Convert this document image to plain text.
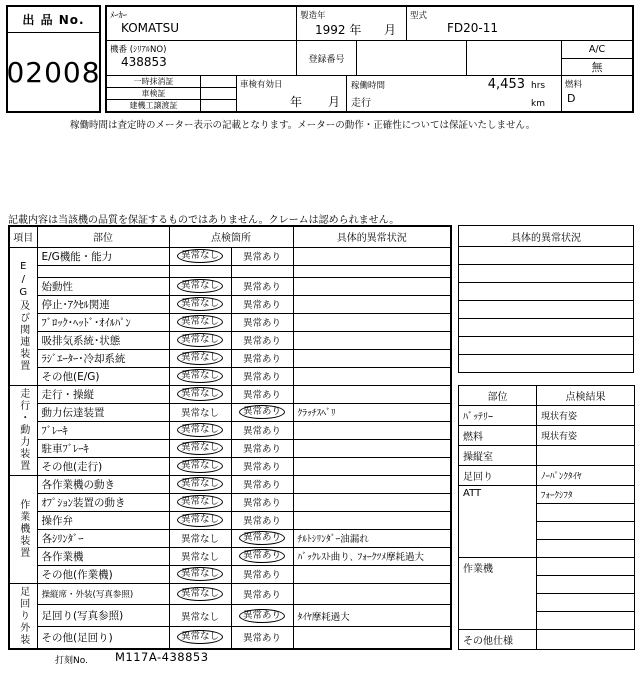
出 品 No.
02008
ﾒｰｶｰ
KOMATSU
製造年
1992 年 月
型式
FD20-11
機番 (ｼﾘｱﾙNO)
438853	登録番号
A/C
無
一時抹消証
車検証
建機工譲渡証
車検有効日
年 月
稼働時間	4,453 hrs
走行	km
燃料
D
稼働時間は査定時のメーター表示の記載となります。メーターの動作・正確性については保証いたしません。
記載内容は当該機の品質を保証するものではありません。クレームは認められません。
項目	部位	点検箇所		具体的異常状況
E/G及び関連装置	E/G機能・能力	異常なし	異常あり	

	始動性	異常なし	異常あり	
	停止･ｱｸｾﾙ関連	異常なし	異常あり	
	ﾌﾞﾛｯｸ･ﾍｯﾄﾞ･ｵｲﾙﾊﾟﾝ	異常なし	異常あり	
	吸排気系統･状態	異常なし	異常あり	
	ﾗｼﾞｴｰﾀｰ･冷却系統	異常なし	異常あり	
	その他(E/G)	異常なし	異常あり	
走行・動力装置	走行・操縦	異常なし	異常あり	
	動力伝達装置	異常なし	異常あり	ｸﾗｯﾁｽﾍﾞﾘ
	ﾌﾞﾚｰｷ	異常なし	異常あり	
	駐車ﾌﾞﾚｰｷ	異常なし	異常あり	
	その他(走行)	異常なし	異常あり	
作業機装置	各作業機の動き	異常なし	異常あり	
	ｵﾌﾟｼｮﾝ装置の動き	異常なし	異常あり	
	操作弁	異常なし	異常あり	
	各ｼﾘﾝﾀﾞｰ	異常なし	異常あり	ﾁﾙﾄｼﾘﾝﾀﾞｰ油漏れ
	各作業機	異常なし	異常あり	ﾊﾞｯｸﾚｽﾄ曲り､ ﾌｫｰｸﾂﾒ摩耗過大
	その他(作業機)	異常なし	異常あり	
足回り外装	操縦席・外装(写真参照)	異常なし	異常あり	
	足回り(写真参照)	異常なし	異常あり	ﾀｲﾔ摩耗過大
	その他(足回り)	異常なし	異常あり	
具体的異常状況

部位	点検結果
ﾊﾞｯﾃﾘｰ	現状有姿
燃料	現状有姿
操縦室	
足回り	ﾉｰﾊﾟﾝｸﾀｲﾔ
ATT	ﾌｫｰｸｼﾌﾀ

作業機	

その他仕様	
打刻No. M117A-438853
